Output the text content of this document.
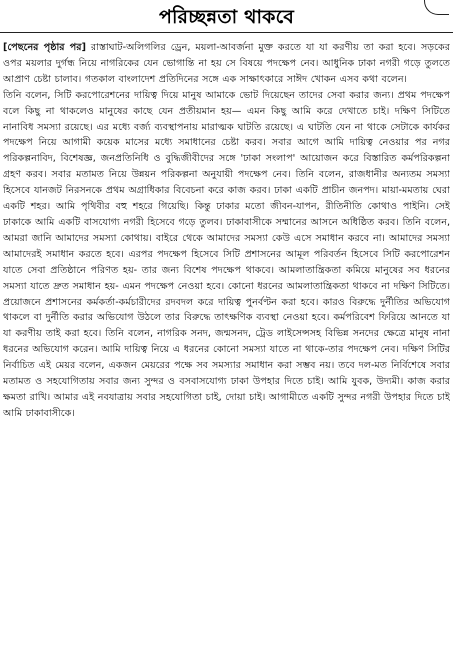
পরিচ্ছন্নতা থাকবে

[পেছনের পৃষ্ঠার পর] রাস্তাঘাট-অলিগলির ড্রেন, ময়লা-আবর্জনা মুক্ত করতে যা যা করণীয় তা করা হবে। সড়কের ওপর ময়লার দুর্গন্ধ নিয়ে নাগরিকের যেন ভোগান্তি না হয় সে বিষয়ে পদক্ষেপ নেব। আধুনিক ঢাকা নগরী গড়ে তুলতে আপ্রাণ চেষ্টা চালাব। গতকাল বাংলাদেশ প্রতিদিনের সঙ্গে এক সাক্ষাৎকারে সাঈদ খোকন এসব কথা বলেন।

তিনি বলেন, সিটি করপোরেশনের দায়িত্ব দিয়ে মানুষ আমাকে ভোট দিয়েছেন তাদের সেবা করার জন্য। প্রথম পদক্ষেপ বলে কিছু না থাকলেও মানুষের কাছে যেন প্রতীয়মান হয়— এমন কিছু আমি করে দেখাতে চাই। দক্ষিণ সিটিতে নানাবিধ সমস্যা রয়েছে। এর মধ্যে বর্জ্য ব্যবস্থাপনায় মারাত্মক ঘাটতি রয়েছে। এ ঘাটতি যেন না থাকে সেটাকে কার্যকর পদক্ষেপ নিয়ে আগামী কয়েক মাসের মধ্যে সমাধানের চেষ্টা করব। সবার আগে আমি দায়িত্ব নেওয়ার পর নগর পরিকল্পনাবিদ, বিশেষজ্ঞ, জনপ্রতিনিধি ও বুদ্ধিজীবীদের সঙ্গে 'ঢাকা সংলাপ' আয়োজন করে বিস্তারিত কর্মপরিকল্পনা গ্রহণ করব। সবার মতামত নিয়ে উন্নয়ন পরিকল্পনা অনুযায়ী পদক্ষেপ নেব। তিনি বলেন, রাজধানীর অন্যতম সমস্যা হিসেবে যানজট নিরসনকে প্রথম অগ্রাধিকার বিবেচনা করে কাজ করব। ঢাকা একটি প্রাচীন জনপদ। মায়া-মমতায় ঘেরা একটি শহর। আমি পৃথিবীর বহু শহরে গিয়েছি। কিন্তু ঢাকার মতো জীবন-যাপন, রীতিনীতি কোথাও পাইনি। সেই ঢাকাকে আমি একটি বাসযোগ্য নগরী হিসেবে গড়ে তুলব। ঢাকাবাসীকে সম্মানের আসনে অধিষ্ঠিত করব। তিনি বলেন, আমরা জানি আমাদের সমস্যা কোথায়। বাইরে থেকে আমাদের সমস্যা কেউ এসে সমাধান করবে না। আমাদের সমস্যা আমাদেরই সমাধান করতে হবে। এরপর পদক্ষেপ হিসেবে সিটি প্রশাসনের আমূল পরিবর্তন হিসেবে সিটি করপোরেশন যাতে সেবা প্রতিষ্ঠানে পরিণত হয়- তার জন্য বিশেষ পদক্ষেপ থাকবে। আমলাতান্ত্রিকতা কমিয়ে মানুষের সব ধরনের সমস্যা যাতে দ্রুত সমাধান হয়- এমন পদক্ষেপ নেওয়া হবে। কোনো ধরনের আমলাতান্ত্রিকতা থাকবে না দক্ষিণ সিটিতে। প্রয়োজনে প্রশাসনের কর্মকর্তা-কর্মচারীদের রদবদল করে দায়িত্ব পুনর্বণ্টন করা হবে। কারও বিরুদ্ধে দুর্নীতির অভিযোগ থাকলে বা দুর্নীতি করার অভিযোগ উঠলে তার বিরুদ্ধে তাৎক্ষণিক ব্যবস্থা নেওয়া হবে। কর্মপরিবেশ ফিরিয়ে আনতে যা যা করণীয় তাই করা হবে। তিনি বলেন, নাগরিক সনদ, জন্মসনদ, ট্রেড লাইসেন্সসহ বিভিন্ন সনদের ক্ষেত্রে মানুষ নানা ধরনের অভিযোগ করেন। আমি দায়িত্ব নিয়ে এ ধরনের কোনো সমস্যা যাতে না থাকে-তার পদক্ষেপ নেব। দক্ষিণ সিটির নির্বাচিত এই মেয়র বলেন, একজন মেয়রের পক্ষে সব সমস্যার সমাধান করা সম্ভব নয়। তবে দল-মত নির্বিশেষে সবার মতামত ও সহযোগিতায় সবার জন্য সুন্দর ও বসবাসযোগ্য ঢাকা উপহার দিতে চাই। আমি যুবক, উদ্যমী। কাজ করার ক্ষমতা রাখি। আমার এই নবযাত্রায় সবার সহযোগিতা চাই, দোয়া চাই। আগামীতে একটি সুন্দর নগরী উপহার দিতে চাই আমি ঢাকাবাসীকে।
